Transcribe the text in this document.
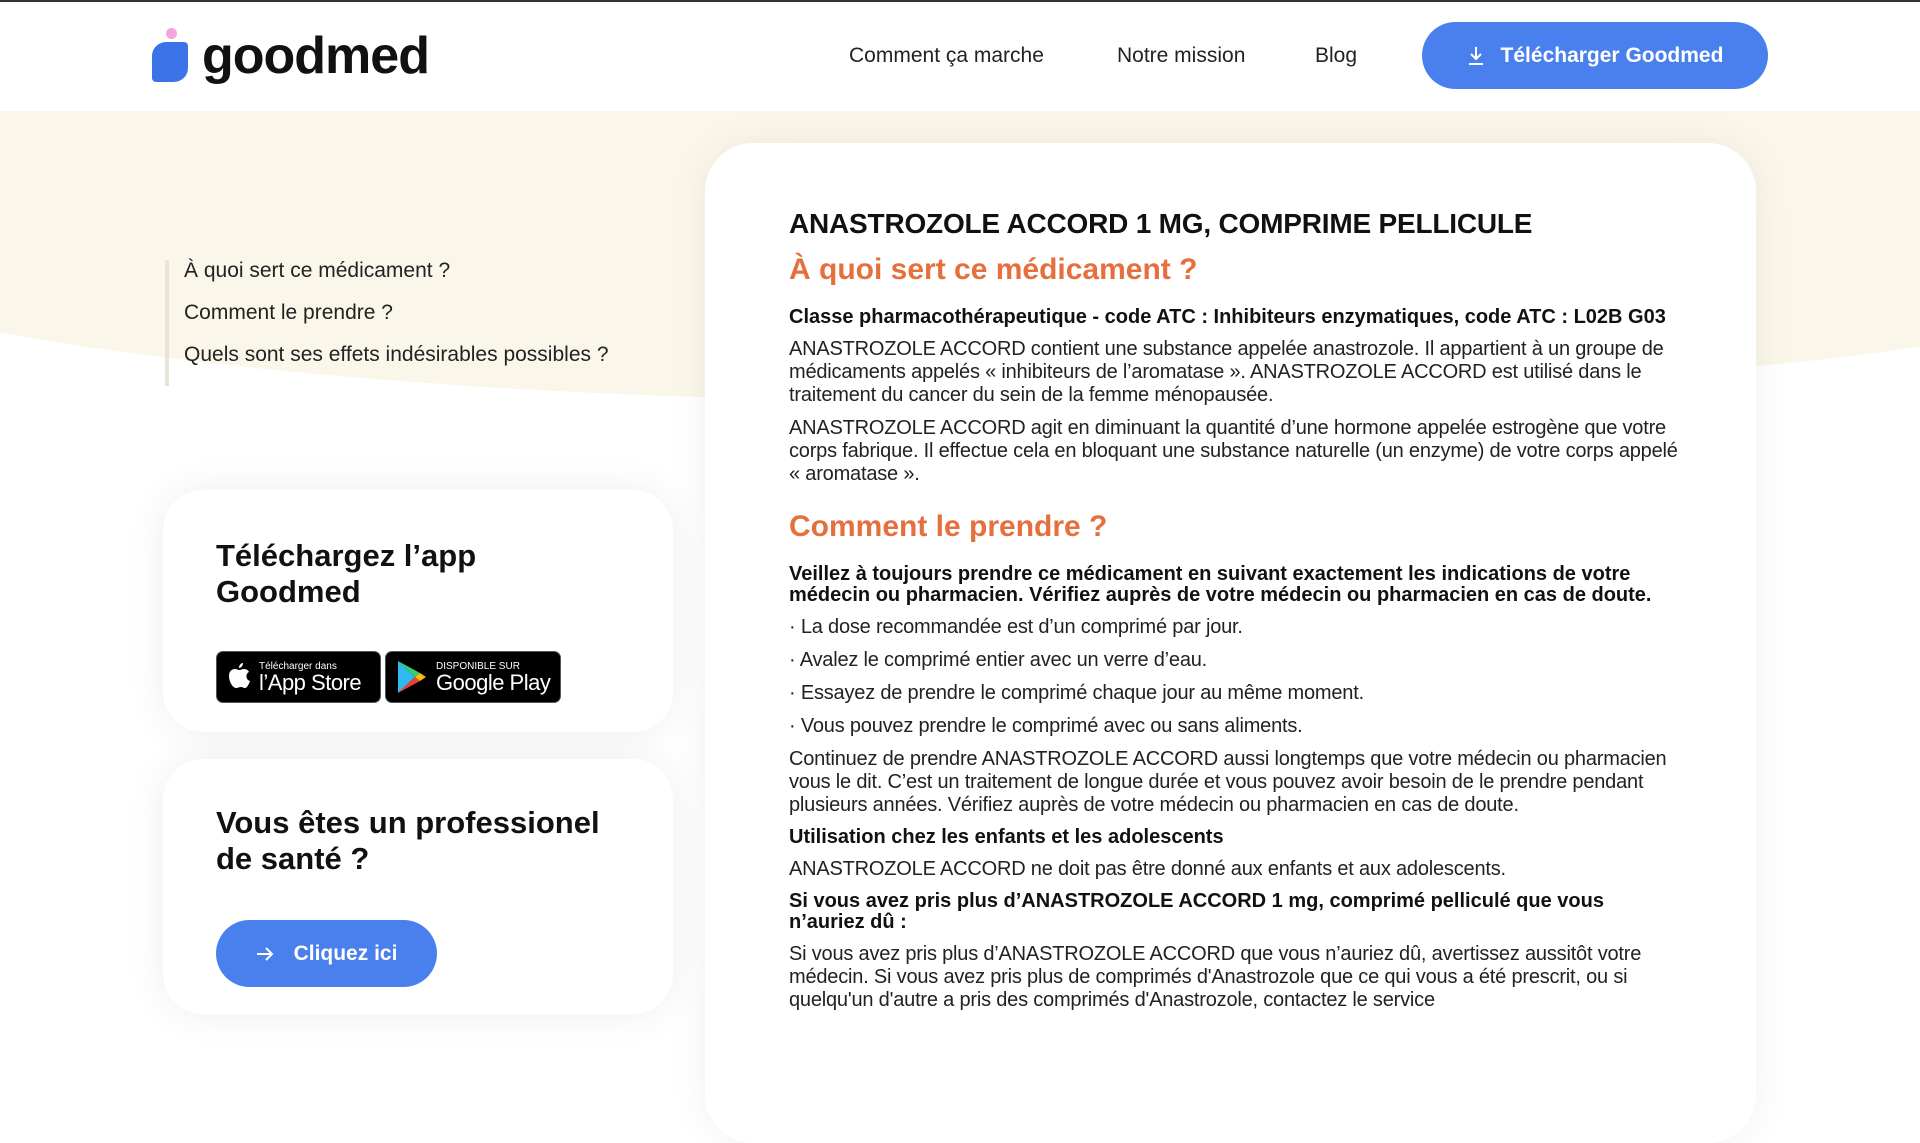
goodmed	Comment ça marche	Notre mission	Blog	Télécharger Goodmed
À quoi sert ce médicament ?
Comment le prendre ?
Quels sont ses effets indésirables possibles ?
Téléchargez l’app Goodmed
Télécharger dans
l’App Store
DISPONIBLE SUR
Google Play
Vous êtes un professionel de santé ?
Cliquez ici
ANASTROZOLE ACCORD 1 MG, COMPRIME PELLICULE
À quoi sert ce médicament ?
Classe pharmacothérapeutique - code ATC : Inhibiteurs enzymatiques, code ATC : L02B G03

ANASTROZOLE ACCORD contient une substance appelée anastrozole. Il appartient à un groupe de médicaments appelés « inhibiteurs de l’aromatase ». ANASTROZOLE ACCORD est utilisé dans le traitement du cancer du sein de la femme ménopausée.

ANASTROZOLE ACCORD agit en diminuant la quantité d’une hormone appelée estrogène que votre corps fabrique. Il effectue cela en bloquant une substance naturelle (un enzyme) de votre corps appelé « aromatase ».

Comment le prendre ?
Veillez à toujours prendre ce médicament en suivant exactement les indications de votre médecin ou pharmacien. Vérifiez auprès de votre médecin ou pharmacien en cas de doute.

· La dose recommandée est d’un comprimé par jour.

· Avalez le comprimé entier avec un verre d’eau.

· Essayez de prendre le comprimé chaque jour au même moment.

· Vous pouvez prendre le comprimé avec ou sans aliments.

Continuez de prendre ANASTROZOLE ACCORD aussi longtemps que votre médecin ou pharmacien vous le dit. C’est un traitement de longue durée et vous pouvez avoir besoin de le prendre pendant plusieurs années. Vérifiez auprès de votre médecin ou pharmacien en cas de doute.

Utilisation chez les enfants et les adolescents

ANASTROZOLE ACCORD ne doit pas être donné aux enfants et aux adolescents.

Si vous avez pris plus d’ANASTROZOLE ACCORD 1 mg, comprimé pelliculé que vous n’auriez dû :

Si vous avez pris plus d’ANASTROZOLE ACCORD que vous n’auriez dû, avertissez aussitôt votre médecin. Si vous avez pris plus de comprimés d'Anastrozole que ce qui vous a été prescrit, ou si quelqu'un d'autre a pris des comprimés d'Anastrozole, contactez le service
